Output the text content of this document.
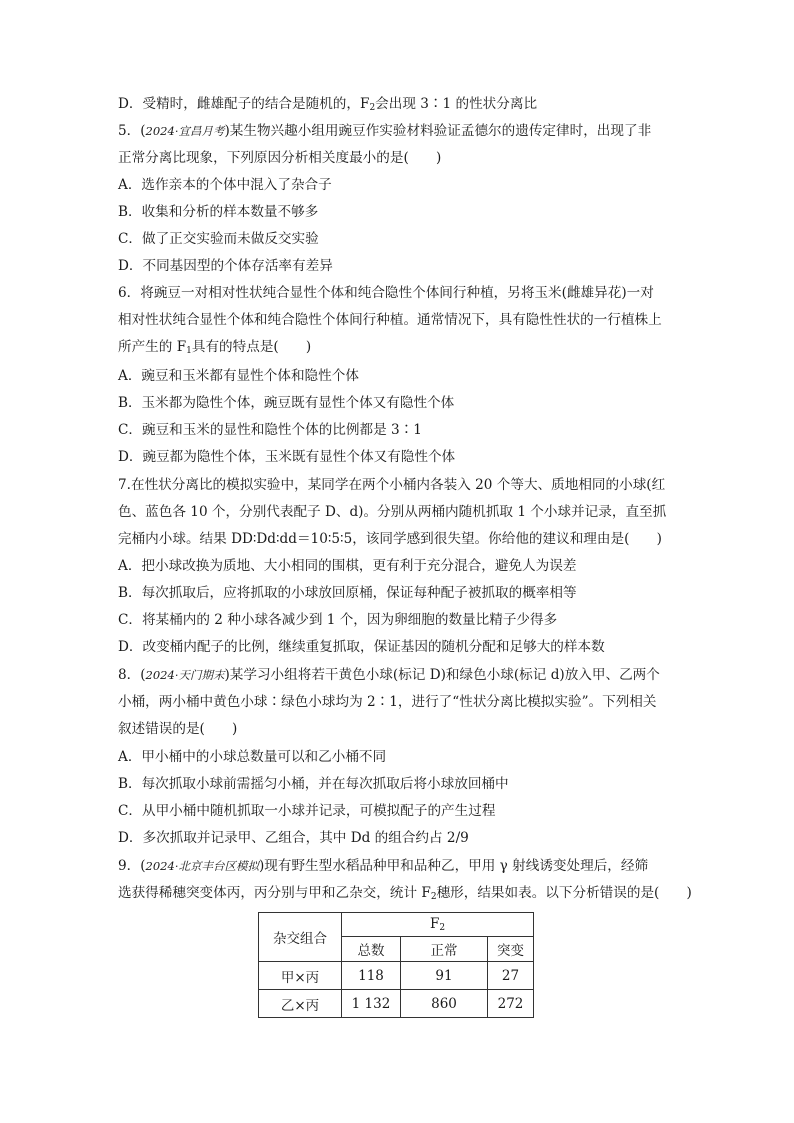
D．受精时，雌雄配子的结合是随机的，$F_2$会出现 3∶1 的性状分离比
5．(2024·宜昌月考)某生物兴趣小组用豌豆作实验材料验证孟德尔的遗传定律时，出现了非
正常分离比现象，下列原因分析相关度最小的是(　　)
A．选作亲本的个体中混入了杂合子
B．收集和分析的样本数量不够多
C．做了正交实验而未做反交实验
D．不同基因型的个体存活率有差异
6．将豌豆一对相对性状纯合显性个体和纯合隐性个体间行种植，另将玉米(雌雄异花)一对
相对性状纯合显性个体和纯合隐性个体间行种植。通常情况下，具有隐性性状的一行植株上
所产生的 $F_1$具有的特点是(　　)
A．豌豆和玉米都有显性个体和隐性个体
B．玉米都为隐性个体，豌豆既有显性个体又有隐性个体
C．豌豆和玉米的显性和隐性个体的比例都是 3∶1
D．豌豆都为隐性个体，玉米既有显性个体又有隐性个体
7.在性状分离比的模拟实验中，某同学在两个小桶内各装入 20 个等大、质地相同的小球(红
色、蓝色各 10 个，分别代表配子 D、d)。分别从两桶内随机抓取 1 个小球并记录，直至抓
完桶内小球。结果 DD∶Dd∶dd＝10∶5∶5，该同学感到很失望。你给他的建议和理由是(　　)
A．把小球改换为质地、大小相同的围棋，更有利于充分混合，避免人为误差
B．每次抓取后，应将抓取的小球放回原桶，保证每种配子被抓取的概率相等
C．将某桶内的 2 种小球各减少到 1 个，因为卵细胞的数量比精子少得多
D．改变桶内配子的比例，继续重复抓取，保证基因的随机分配和足够大的样本数
8．(2024·天门期末)某学习小组将若干黄色小球(标记 D)和绿色小球(标记 d)放入甲、乙两个
小桶，两小桶中黄色小球∶绿色小球均为 2∶1，进行了“性状分离比模拟实验”。下列相关
叙述错误的是(　　)
A．甲小桶中的小球总数量可以和乙小桶不同
B．每次抓取小球前需摇匀小桶，并在每次抓取后将小球放回桶中
C．从甲小桶中随机抓取一小球并记录，可模拟配子的产生过程
D．多次抓取并记录甲、乙组合，其中 Dd 的组合约占 2/9
9．(2024·北京丰台区模拟)现有野生型水稻品种甲和品种乙，甲用 γ 射线诱变处理后，经筛
选获得稀穗突变体丙，丙分别与甲和乙杂交，统计 $F_2$穗形，结果如表。以下分析错误的是(　　)
杂交组合	$F_2$
	总数	正常	突变
甲×丙	118	91	27
乙×丙	1 132	860	272
